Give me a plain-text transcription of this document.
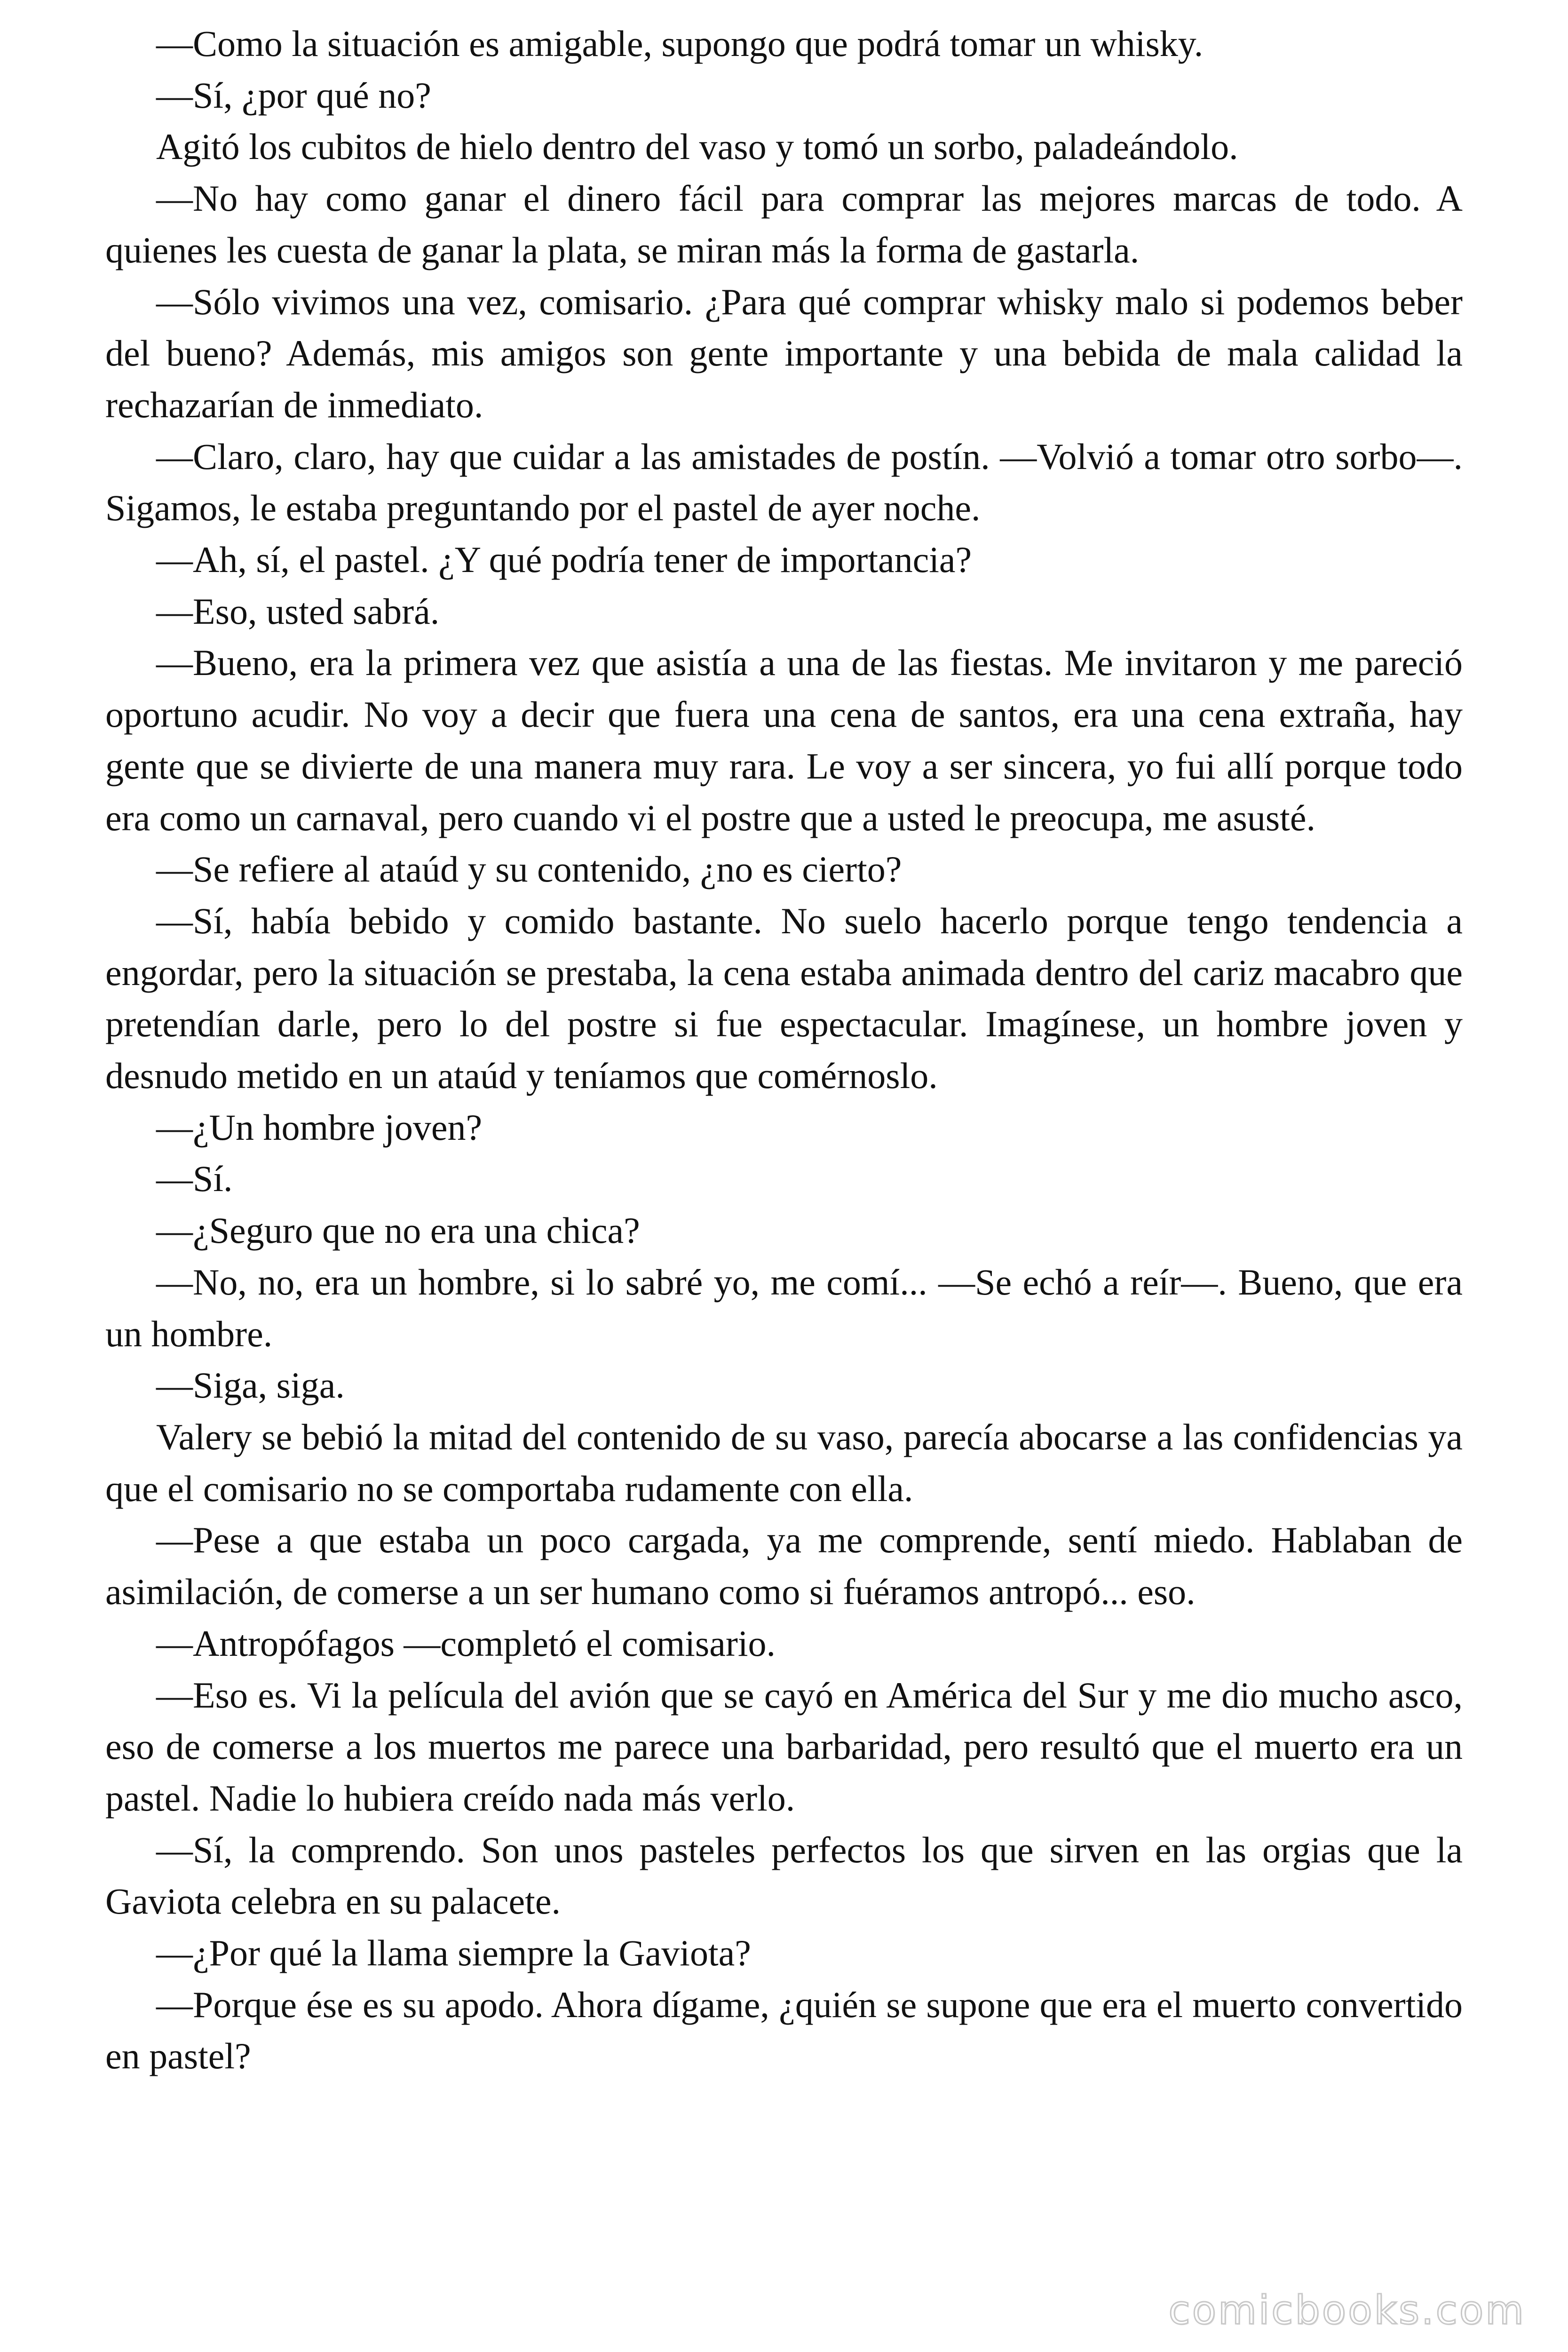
—Como la situación es amigable, supongo que podrá tomar un whisky.

—Sí, ¿por qué no?

Agitó los cubitos de hielo dentro del vaso y tomó un sorbo, paladeándolo.

—No hay como ganar el dinero fácil para comprar las mejores marcas de todo. A quienes les cuesta de ganar la plata, se miran más la forma de gastarla.

—Sólo vivimos una vez, comisario. ¿Para qué comprar whisky malo si podemos beber del bueno? Además, mis amigos son gente importante y una bebida de mala calidad la rechazarían de inmediato.

—Claro, claro, hay que cuidar a las amistades de postín. —Volvió a tomar otro sorbo—. Sigamos, le estaba preguntando por el pastel de ayer noche.

—Ah, sí, el pastel. ¿Y qué podría tener de importancia?

—Eso, usted sabrá.

—Bueno, era la primera vez que asistía a una de las fiestas. Me invitaron y me pareció oportuno acudir. No voy a decir que fuera una cena de santos, era una cena extraña, hay gente que se divierte de una manera muy rara. Le voy a ser sincera, yo fui allí porque todo era como un carnaval, pero cuando vi el postre que a usted le preocupa, me asusté.

—Se refiere al ataúd y su contenido, ¿no es cierto?

—Sí, había bebido y comido bastante. No suelo hacerlo porque tengo tendencia a engordar, pero la situación se prestaba, la cena estaba animada dentro del cariz macabro que pretendían darle, pero lo del postre si fue espectacular. Imagínese, un hombre joven y desnudo metido en un ataúd y teníamos que comérnoslo.

—¿Un hombre joven?

—Sí.

—¿Seguro que no era una chica?

—No, no, era un hombre, si lo sabré yo, me comí... —Se echó a reír—. Bueno, que era un hombre.

—Siga, siga.

Valery se bebió la mitad del contenido de su vaso, parecía abocarse a las confidencias ya que el comisario no se comportaba rudamente con ella.

—Pese a que estaba un poco cargada, ya me comprende, sentí miedo. Hablaban de asimilación, de comerse a un ser humano como si fuéramos antropó... eso.

—Antropófagos —completó el comisario.

—Eso es. Vi la película del avión que se cayó en América del Sur y me dio mucho asco, eso de comerse a los muertos me parece una barbaridad, pero resultó que el muerto era un pastel. Nadie lo hubiera creído nada más verlo.

—Sí, la comprendo. Son unos pasteles perfectos los que sirven en las orgias que la Gaviota celebra en su palacete.

—¿Por qué la llama siempre la Gaviota?

—Porque ése es su apodo. Ahora dígame, ¿quién se supone que era el muerto convertido en pastel?

comicbooks.com
